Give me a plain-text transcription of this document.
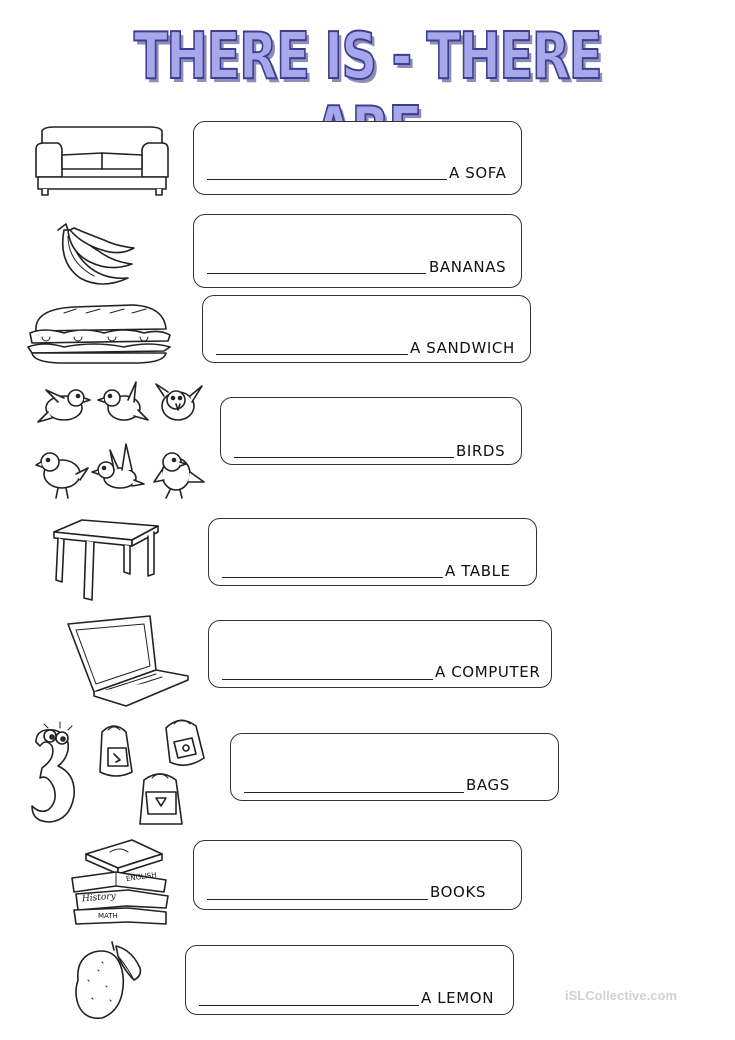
THERE IS - THERE
A SOFA
BANANAS
A SANDWICH
BIRDS
A TABLE
A COMPUTER
BAGS
ENGLISH
History
MATH
BOOKS
A LEMON	iSLCollective.com
